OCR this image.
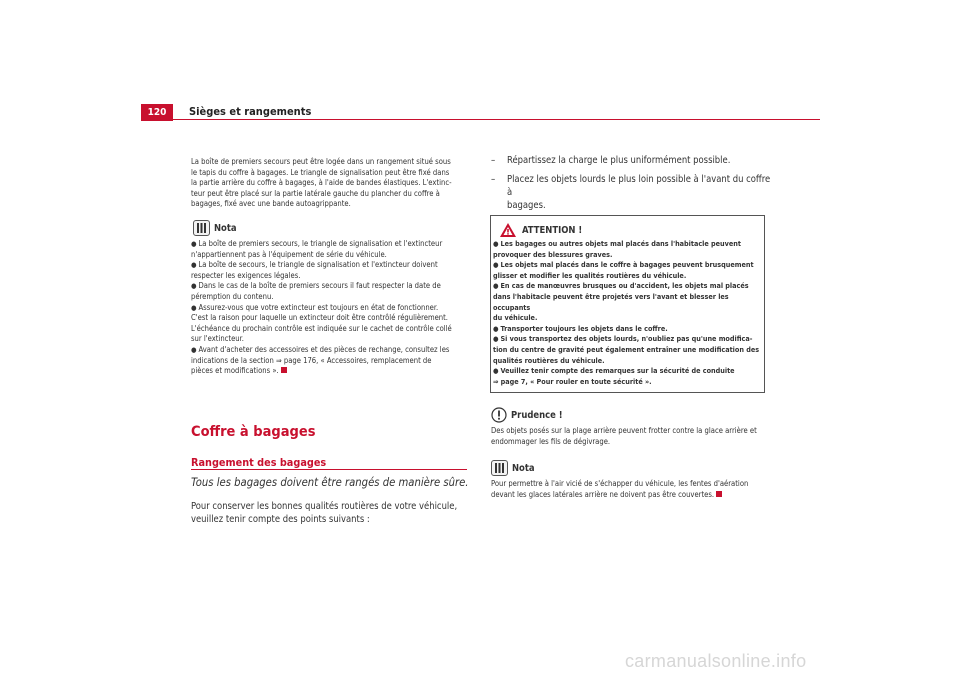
120	Sièges et rangements
La boîte de premiers secours peut être logée dans un rangement situé sous
le tapis du coffre à bagages. Le triangle de signalisation peut être fixé dans
la partie arrière du coffre à bagages, à l'aide de bandes élastiques. L'extinc-
teur peut être placé sur la partie latérale gauche du plancher du coffre à
bagages, fixé avec une bande autoagrippante.
Nota
● La boîte de premiers secours, le triangle de signalisation et l'extincteur
n'appartiennent pas à l'équipement de série du véhicule.
● La boîte de secours, le triangle de signalisation et l'extincteur doivent
respecter les exigences légales.
● Dans le cas de la boîte de premiers secours il faut respecter la date de
péremption du contenu.
● Assurez-vous que votre extincteur est toujours en état de fonctionner.
C'est la raison pour laquelle un extincteur doit être contrôlé régulièrement.
L'échéance du prochain contrôle est indiquée sur le cachet de contrôle collé
sur l'extincteur.
● Avant d'acheter des accessoires et des pièces de rechange, consultez les
indications de la section ⇒ page 176, « Accessoires, remplacement de
pièces et modifications ».
Coffre à bagages
Rangement des bagages
Tous les bagages doivent être rangés de manière sûre.
Pour conserver les bonnes qualités routières de votre véhicule,
veuillez tenir compte des points suivants :
–	Répartissez la charge le plus uniformément possible.
–	Placez les objets lourds le plus loin possible à l'avant du coffre à
bagages.
ATTENTION !
● Les bagages ou autres objets mal placés dans l'habitacle peuvent
provoquer des blessures graves.
● Les objets mal placés dans le coffre à bagages peuvent brusquement
glisser et modifier les qualités routières du véhicule.
● En cas de manœuvres brusques ou d'accident, les objets mal placés
dans l'habitacle peuvent être projetés vers l'avant et blesser les occupants
du véhicule.
● Transporter toujours les objets dans le coffre.
● Si vous transportez des objets lourds, n'oubliez pas qu'une modifica-
tion du centre de gravité peut également entraîner une modification des
qualités routières du véhicule.
● Veuillez tenir compte des remarques sur la sécurité de conduite
⇒ page 7, « Pour rouler en toute sécurité ».
Prudence !
Des objets posés sur la plage arrière peuvent frotter contre la glace arrière et
endommager les fils de dégivrage.
Nota
Pour permettre à l'air vicié de s'échapper du véhicule, les fentes d'aération
devant les glaces latérales arrière ne doivent pas être couvertes.
carmanualsonline.info
